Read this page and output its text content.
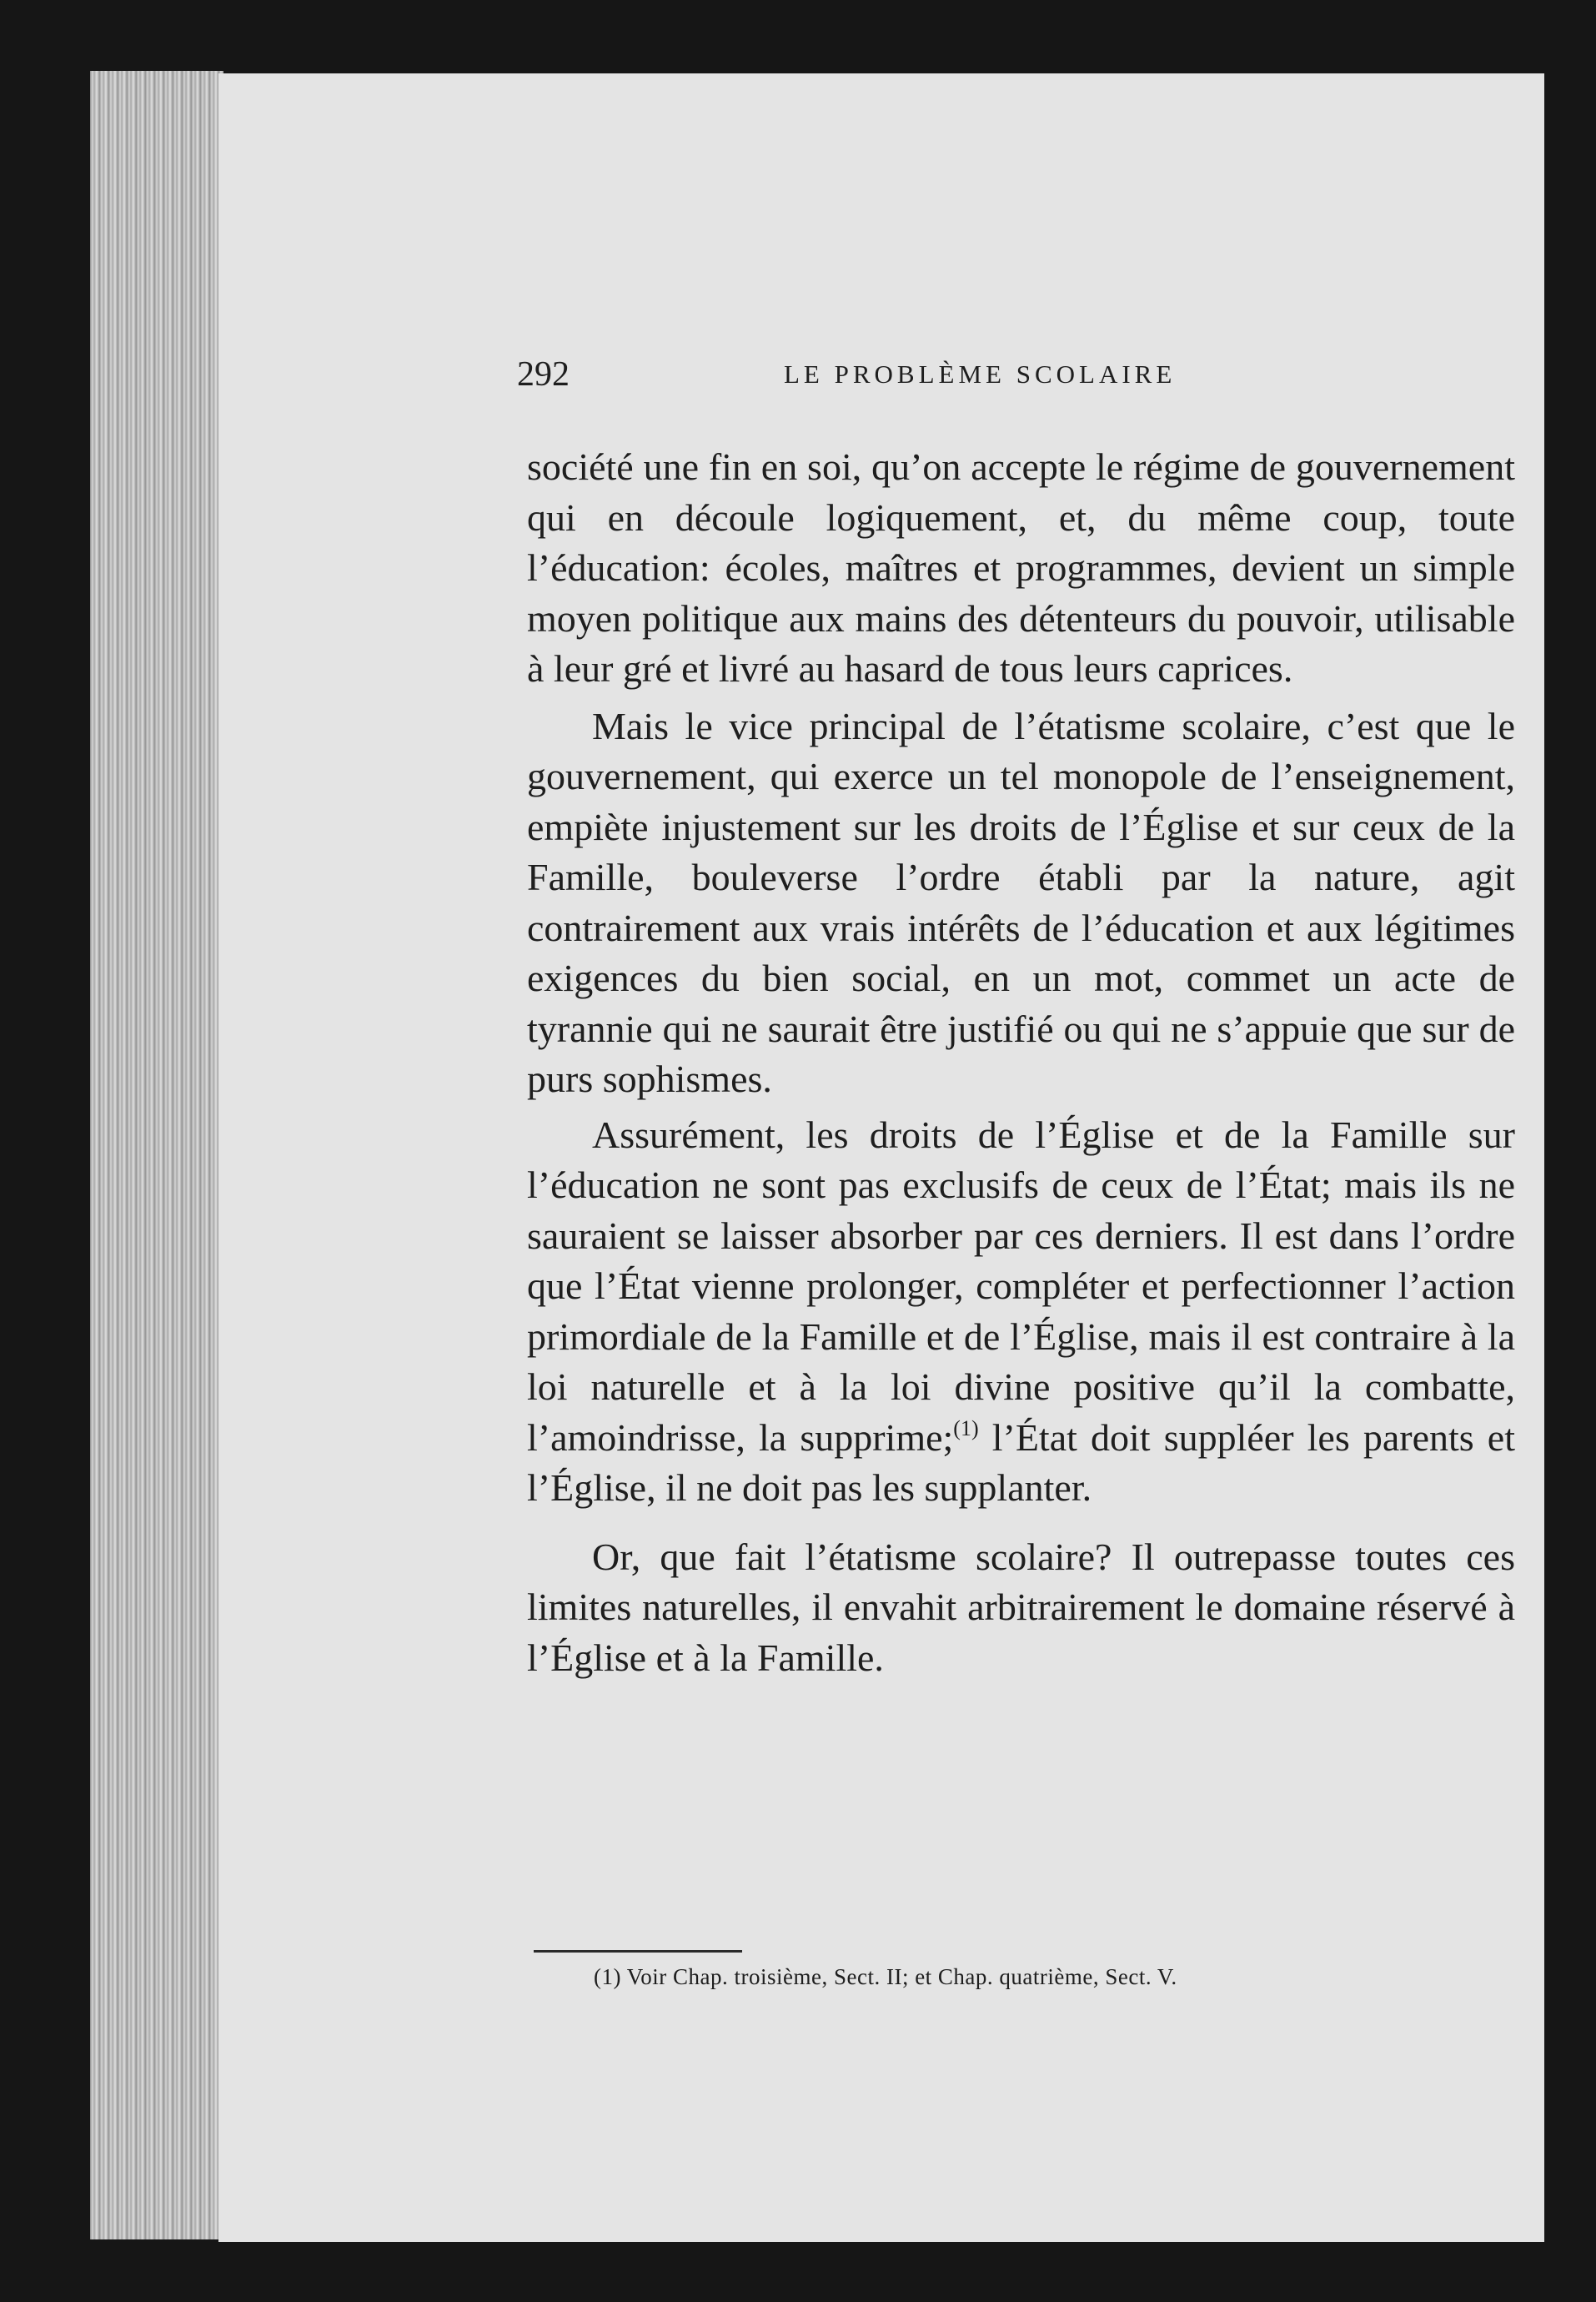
292	LE PROBLÈME SCOLAIRE

société une fin en soi, qu’on accepte le régime de gouvernement qui en découle logiquement, et, du même coup, toute l’éducation: écoles, maîtres et programmes, devient un simple moyen politique aux mains des détenteurs du pouvoir, utilisable à leur gré et livré au hasard de tous leurs caprices.

Mais le vice principal de l’étatisme scolaire, c’est que le gouvernement, qui exerce un tel monopole de l’enseignement, empiète injustement sur les droits de l’Église et sur ceux de la Famille, bouleverse l’ordre établi par la nature, agit contrairement aux vrais intérêts de l’éducation et aux légitimes exigences du bien social, en un mot, commet un acte de tyrannie qui ne saurait être justifié ou qui ne s’appuie que sur de purs sophismes.

Assurément, les droits de l’Église et de la Famille sur l’éducation ne sont pas exclusifs de ceux de l’État; mais ils ne sauraient se laisser absorber par ces derniers. Il est dans l’ordre que l’État vienne prolonger, compléter et perfectionner l’action primordiale de la Famille et de l’Église, mais il est contraire à la loi naturelle et à la loi divine positive qu’il la combatte, l’amoindrisse, la supprime;$^{(1)}$ l’État doit suppléer les parents et l’Église, il ne doit pas les supplanter.

Or, que fait l’étatisme scolaire? Il outrepasse toutes ces limites naturelles, il envahit arbitrairement le domaine réservé à l’Église et à la Famille.

(1) Voir Chap. troisième, Sect. II; et Chap. quatrième, Sect. V.
